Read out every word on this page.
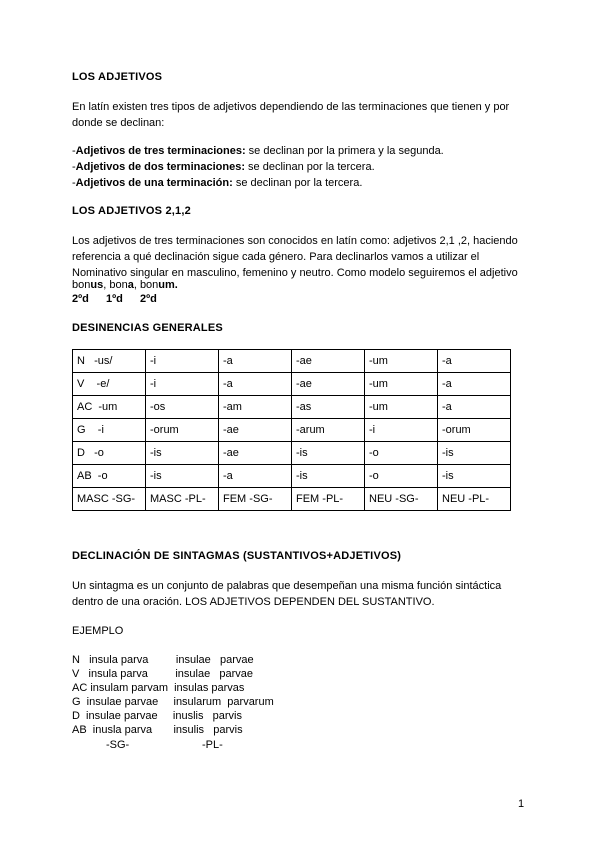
LOS ADJETIVOS
En latín existen tres tipos de adjetivos dependiendo de las terminaciones que tienen y por
donde se declinan:
-Adjetivos de tres terminaciones: se declinan por la primera y la segunda.
-Adjetivos de dos terminaciones: se declinan por la tercera.
-Adjetivos de una terminación: se declinan por la tercera.
LOS ADJETIVOS 2,1,2
Los adjetivos de tres terminaciones son conocidos en latín como: adjetivos 2,1 ,2, haciendo
referencia a qué declinación sigue cada género. Para declinarlos vamos a utilizar el
Nominativo singular en masculino, femenino y neutro. Como modelo seguiremos el adjetivo
bonus, bona, bonum.
2ºd 1ºd 2ºd
DESINENCIAS GENERALES
N   -us/	-i	-a	-ae	-um	-a
V    -e/	-i	-a	-ae	-um	-a
AC  -um	-os	-am	-as	-um	-a
G    -i	-orum	-ae	-arum	-i	-orum
D   -o	-is	-ae	-is	-o	-is
AB  -o	-is	-a	-is	-o	-is
MASC -SG-	MASC -PL-	FEM -SG-	FEM -PL-	NEU -SG-	NEU -PL-
DECLINACIÓN DE SINTAGMAS (SUSTANTIVOS+ADJETIVOS)
Un sintagma es un conjunto de palabras que desempeñan una misma función sintáctica
dentro de una oración. LOS ADJETIVOS DEPENDEN DEL SUSTANTIVO.
EJEMPLO
N   insula parva         insulae   parvae
V   insula parva         insulae   parvae
AC insulam parvam  insulas parvas
G  insulae parvae     insularum  parvarum
D  insulae parvae     inuslis   parvis
AB  inusla parva       insulis   parvis
-SG-	-PL-
1
